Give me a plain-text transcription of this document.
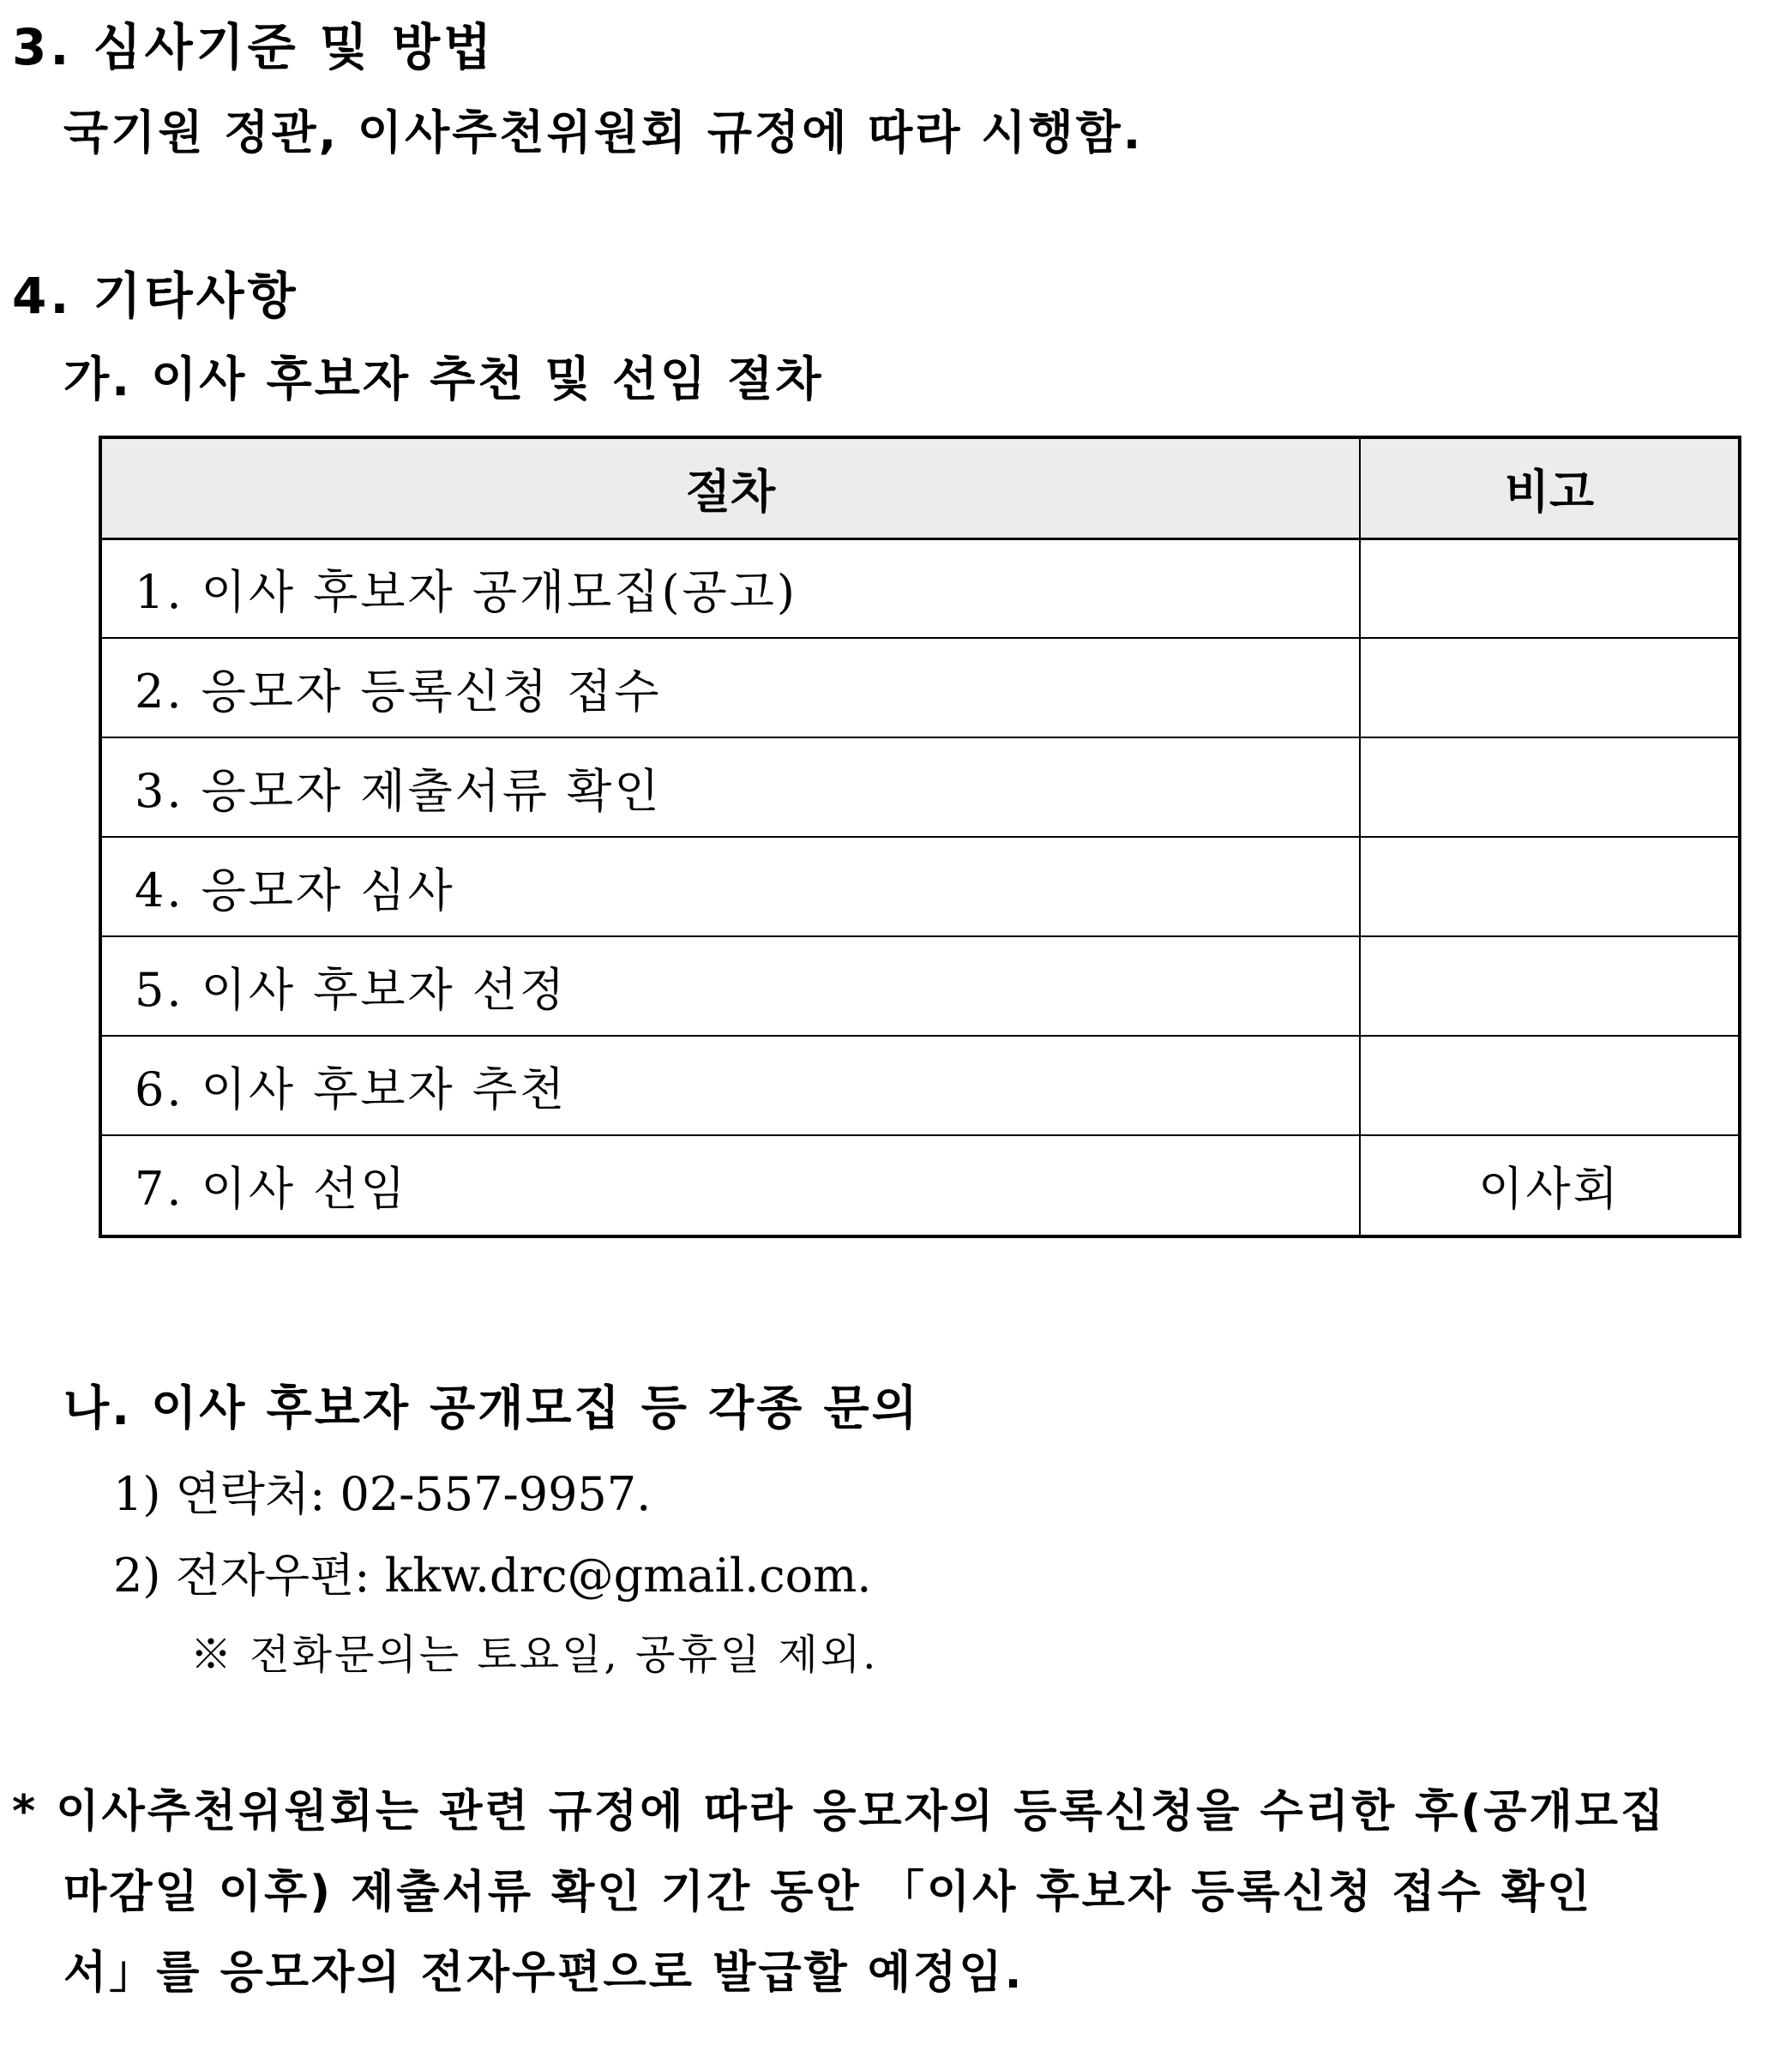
3. 심사기준 및 방법
국기원 정관, 이사추천위원회 규정에 따라 시행함.
4. 기타사항
가. 이사 후보자 추천 및 선임 절차
절차	비고
1. 이사 후보자 공개모집(공고)	
2. 응모자 등록신청 접수	
3. 응모자 제출서류 확인	
4. 응모자 심사	
5. 이사 후보자 선정	
6. 이사 후보자 추천	
7. 이사 선임	이사회
나. 이사 후보자 공개모집 등 각종 문의
1) 연락처: 02-557-9957.
2) 전자우편: kkw.drc@gmail.com.
※ 전화문의는 토요일, 공휴일 제외.
* 이사추천위원회는 관련 규정에 따라 응모자의 등록신청을 수리한 후(공개모집
마감일 이후) 제출서류 확인 기간 동안 「이사 후보자 등록신청 접수 확인
서」를 응모자의 전자우편으로 발급할 예정임.
